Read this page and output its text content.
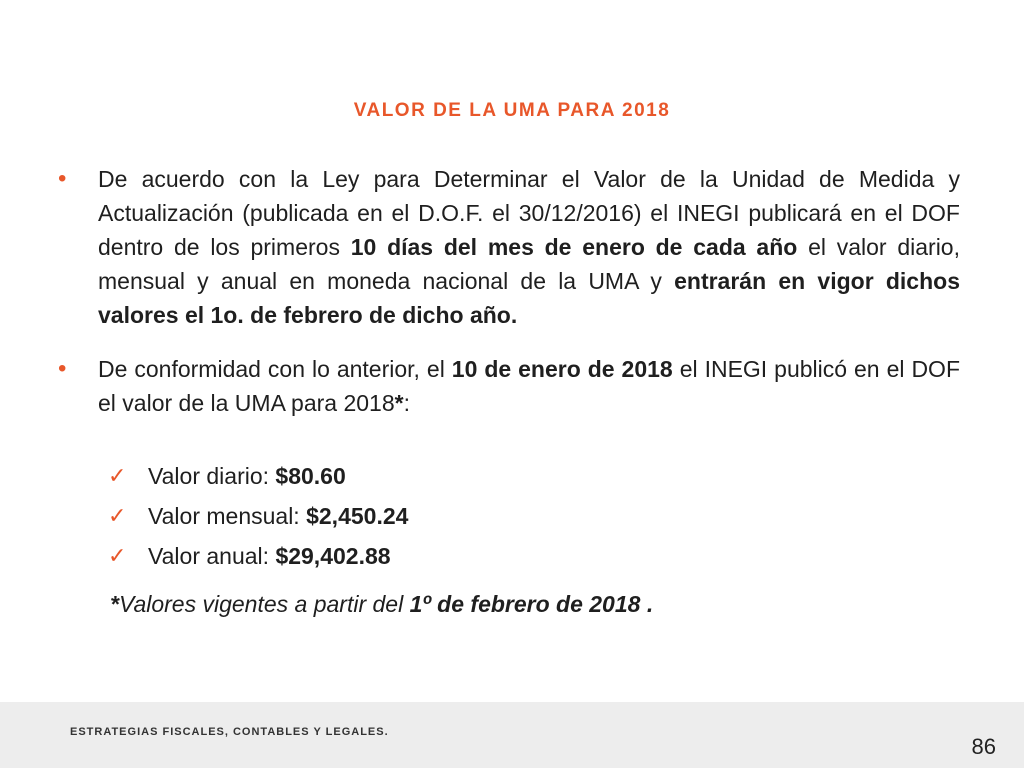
VALOR DE LA UMA PARA 2018
• De acuerdo con la Ley para Determinar el Valor de la Unidad de Medida y Actualización (publicada en el D.O.F. el 30/12/2016) el INEGI publicará en el DOF dentro de los primeros 10 días del mes de enero de cada año el valor diario, mensual y anual en moneda nacional de la UMA y entrarán en vigor dichos valores el 1o. de febrero de dicho año.
• De conformidad con lo anterior, el 10 de enero de 2018 el INEGI publicó en el DOF el valor de la UMA para 2018*:
✓ Valor diario: $80.60
✓ Valor mensual: $2,450.24
✓ Valor anual: $29,402.88
*Valores vigentes a partir del 1º de febrero de 2018 .
ESTRATEGIAS FISCALES, CONTABLES Y LEGALES.
86
